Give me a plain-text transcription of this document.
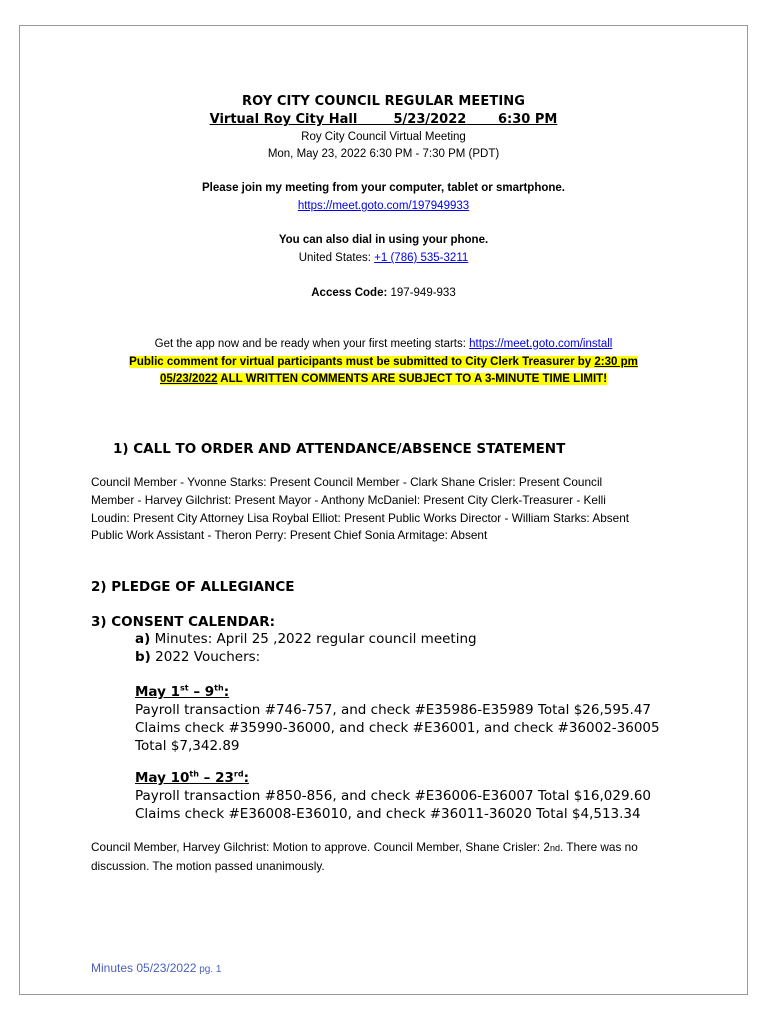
ROY CITY COUNCIL REGULAR MEETING
Virtual Roy City Hall	5/23/2022 6:30 PM
Roy City Council Virtual Meeting
Mon, May 23, 2022 6:30 PM - 7:30 PM (PDT)
Please join my meeting from your computer, tablet or smartphone.
https://meet.goto.com/197949933
You can also dial in using your phone.
United States: +1 (786) 535-3211
Access Code: 197-949-933
Get the app now and be ready when your first meeting starts: https://meet.goto.com/install
Public comment for virtual participants must be submitted to City Clerk Treasurer by 2:30 pm
05/23/2022 ALL WRITTEN COMMENTS ARE SUBJECT TO A 3-MINUTE TIME LIMIT!
1) CALL TO ORDER AND ATTENDANCE/ABSENCE STATEMENT
Council Member - Yvonne Starks: Present Council Member - Clark Shane Crisler: Present Council
Member - Harvey Gilchrist: Present Mayor - Anthony McDaniel: Present City Clerk-Treasurer - Kelli
Loudin: Present City Attorney Lisa Roybal Elliot: Present Public Works Director - William Starks: Absent
Public Work Assistant - Theron Perry: Present Chief Sonia Armitage: Absent
2) PLEDGE OF ALLEGIANCE
3) CONSENT CALENDAR:
a) Minutes: April 25 ,2022 regular council meeting
b) 2022 Vouchers:
May 1st – 9th:
Payroll transaction #746-757, and check #E35986-E35989 Total $26,595.47
Claims check #35990-36000, and check #E36001, and check #36002-36005
Total $7,342.89
May 10th – 23rd:
Payroll transaction #850-856, and check #E36006-E36007 Total $16,029.60
Claims check #E36008-E36010, and check #36011-36020 Total $4,513.34
Council Member, Harvey Gilchrist: Motion to approve. Council Member, Shane Crisler: 2nd. There was no
discussion. The motion passed unanimously.
Minutes 05/23/2022 pg. 1
